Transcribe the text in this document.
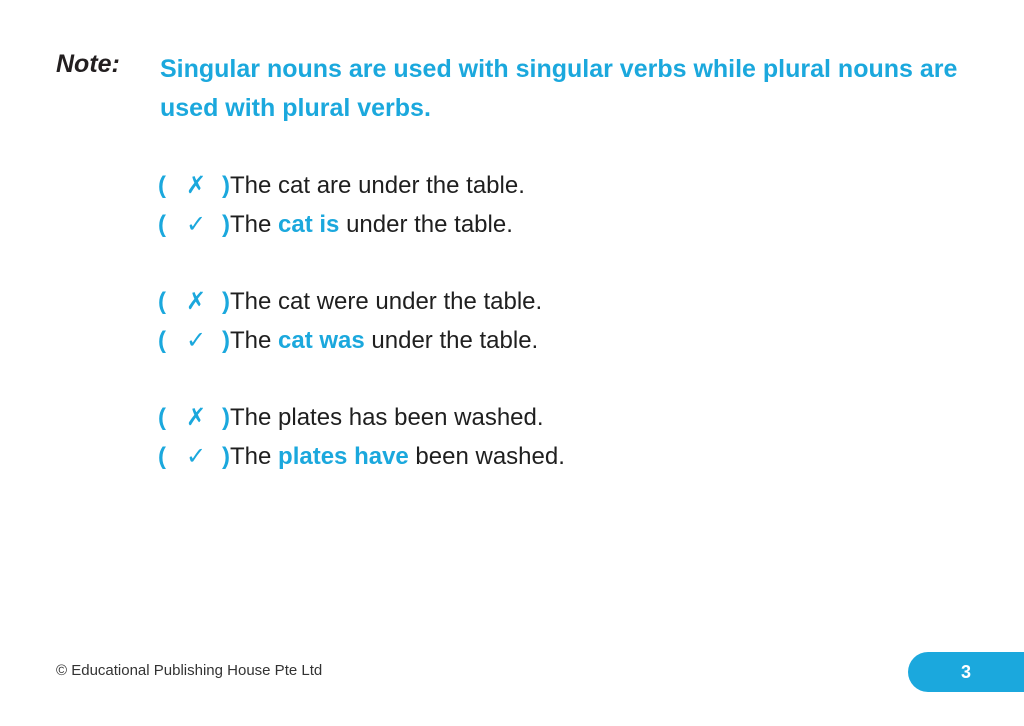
Note: Singular nouns are used with singular verbs while plural nouns are used with plural verbs.
( ✗ )The cat are under the table.
( ✓ )The cat is under the table.
( ✗ )The cat were under the table.
( ✓ )The cat was under the table.
( ✗ )The plates has been washed.
( ✓ )The plates have been washed.
© Educational Publishing House Pte Ltd	3
